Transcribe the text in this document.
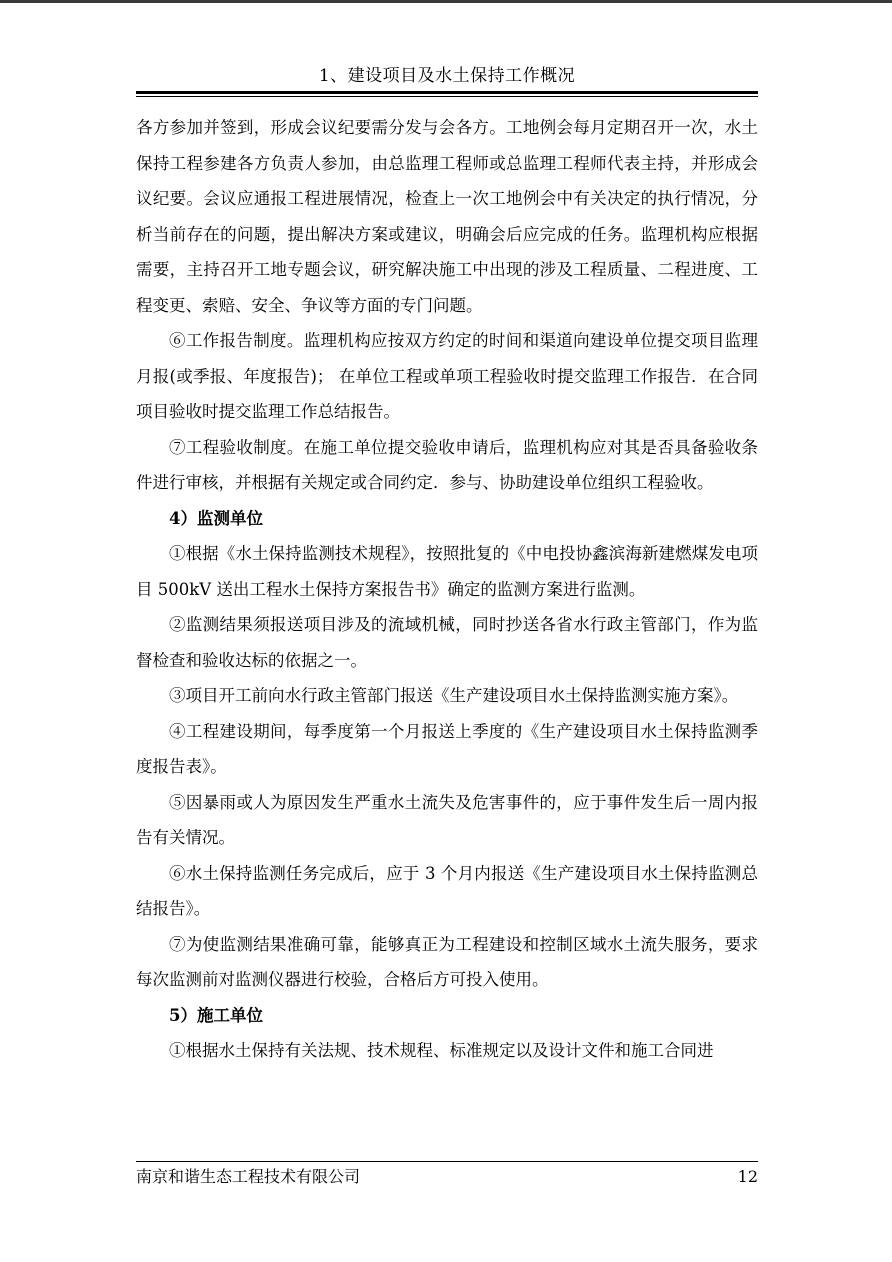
1、建设项目及水土保持工作概况

各方参加并签到，形成会议纪要需分发与会各方。工地例会每月定期召开一次，水土保持工程参建各方负责人参加，由总监理工程师或总监理工程师代表主持，并形成会议纪要。会议应通报工程进展情况，检查上一次工地例会中有关决定的执行情况，分析当前存在的问题，提出解决方案或建议，明确会后应完成的任务。监理机构应根据需要，主持召开工地专题会议，研究解决施工中出现的涉及工程质量、二程进度、工程变更、索赔、安全、争议等方面的专门问题。

⑥工作报告制度。监理机构应按双方约定的时间和渠道向建设单位提交项目监理月报(或季报、年度报告)； 在单位工程或单项工程验收时提交监理工作报告．在合同项目验收时提交监理工作总结报告。

⑦工程验收制度。在施工单位提交验收申请后，监理机构应对其是否具备验收条件进行审核，并根据有关规定或合同约定．参与、协助建设单位组织工程验收。

4）监测单位

①根据《水土保持监测技术规程》，按照批复的《中电投协鑫滨海新建燃煤发电项目 500kV 送出工程水土保持方案报告书》确定的监测方案进行监测。

②监测结果须报送项目涉及的流域机械，同时抄送各省水行政主管部门，作为监督检查和验收达标的依据之一。

③项目开工前向水行政主管部门报送《生产建设项目水土保持监测实施方案》。

④工程建设期间，每季度第一个月报送上季度的《生产建设项目水土保持监测季度报告表》。

⑤因暴雨或人为原因发生严重水土流失及危害事件的，应于事件发生后一周内报告有关情况。

⑥水土保持监测任务完成后，应于 3 个月内报送《生产建设项目水土保持监测总结报告》。

⑦为使监测结果准确可靠，能够真正为工程建设和控制区域水土流失服务，要求每次监测前对监测仪器进行校验，合格后方可投入使用。

5）施工单位

①根据水土保持有关法规、技术规程、标准规定以及设计文件和施工合同进

南京和谐生态工程技术有限公司	12
